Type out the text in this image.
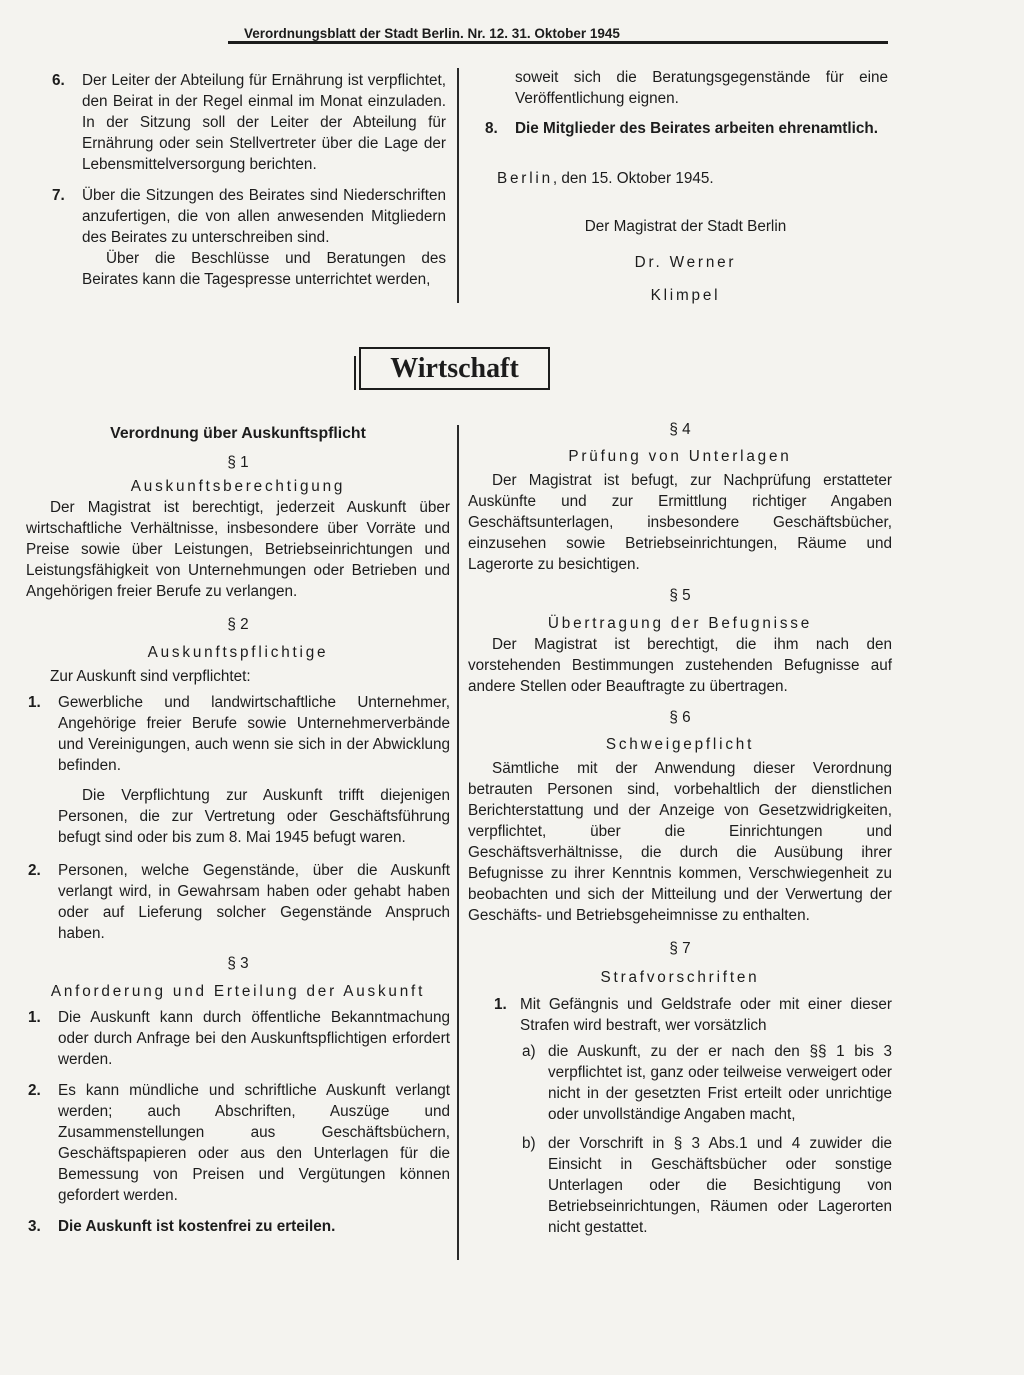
Verordnungsblatt der Stadt Berlin. Nr. 12. 31. Oktober 1945
6. Der Leiter der Abteilung für Ernährung ist verpflichtet, den Beirat in der Regel einmal im Monat einzuladen. In der Sitzung soll der Leiter der Abteilung für Ernährung oder sein Stellvertreter über die Lage der Lebensmittelversorgung berichten.
7. Über die Sitzungen des Beirates sind Niederschriften anzufertigen, die von allen anwesenden Mitgliedern des Beirates zu unterschreiben sind.

Über die Beschlüsse und Beratungen des Beirates kann die Tagespresse unterrichtet werden,

soweit sich die Beratungsgegenstände für eine Veröffentlichung eignen.

8. Die Mitglieder des Beirates arbeiten ehrenamtlich.

Berlin, den 15. Oktober 1945.

Der Magistrat der Stadt Berlin

Dr. Werner

Klimpel

Wirtschaft

Verordnung über Auskunftspflicht

§ 1

Auskunftsberechtigung

Der Magistrat ist berechtigt, jederzeit Auskunft über wirtschaftliche Verhältnisse, insbesondere über Vorräte und Preise sowie über Leistungen, Betriebseinrichtungen und Leistungsfähigkeit von Unternehmungen oder Betrieben und Angehörigen freier Berufe zu verlangen.

§ 2

Auskunftspflichtige

Zur Auskunft sind verpflichtet:

1. Gewerbliche und landwirtschaftliche Unternehmer, Angehörige freier Berufe sowie Unternehmerverbände und Vereinigungen, auch wenn sie sich in der Abwicklung befinden.

Die Verpflichtung zur Auskunft trifft diejenigen Personen, die zur Vertretung oder Geschäftsführung befugt sind oder bis zum 8. Mai 1945 befugt waren.

2. Personen, welche Gegenstände, über die Auskunft verlangt wird, in Gewahrsam haben oder gehabt haben oder auf Lieferung solcher Gegenstände Anspruch haben.

§ 3

Anforderung und Erteilung der Auskunft

1. Die Auskunft kann durch öffentliche Bekanntmachung oder durch Anfrage bei den Auskunftspflichtigen erfordert werden.
2. Es kann mündliche und schriftliche Auskunft verlangt werden; auch Abschriften, Auszüge und Zusammenstellungen aus Geschäftsbüchern, Geschäftspapieren oder aus den Unterlagen für die Bemessung von Preisen und Vergütungen können gefordert werden.
3. Die Auskunft ist kostenfrei zu erteilen.

§ 4

Prüfung von Unterlagen

Der Magistrat ist befugt, zur Nachprüfung erstatteter Auskünfte und zur Ermittlung richtiger Angaben Geschäftsunterlagen, insbesondere Geschäftsbücher, einzusehen sowie Betriebseinrichtungen, Räume und Lagerorte zu besichtigen.

§ 5

Übertragung der Befugnisse

Der Magistrat ist berechtigt, die ihm nach den vorstehenden Bestimmungen zustehenden Befugnisse auf andere Stellen oder Beauftragte zu übertragen.

§ 6

Schweigepflicht

Sämtliche mit der Anwendung dieser Verordnung betrauten Personen sind, vorbehaltlich der dienstlichen Berichterstattung und der Anzeige von Gesetzwidrigkeiten, verpflichtet, über die Einrichtungen und Geschäftsverhältnisse, die durch die Ausübung ihrer Befugnisse zu ihrer Kenntnis kommen, Verschwiegenheit zu beobachten und sich der Mitteilung und der Verwertung der Geschäfts- und Betriebsgeheimnisse zu enthalten.

§ 7

Strafvorschriften

1. Mit Gefängnis und Geldstrafe oder mit einer dieser Strafen wird bestraft, wer vorsätzlich
a) die Auskunft, zu der er nach den §§ 1 bis 3 verpflichtet ist, ganz oder teilweise verweigert oder nicht in der gesetzten Frist erteilt oder unrichtige oder unvollständige Angaben macht,
b) der Vorschrift in § 3 Abs.1 und 4 zuwider die Einsicht in Geschäftsbücher oder sonstige Unterlagen oder die Besichtigung von Betriebseinrichtungen, Räumen oder Lagerorten nicht gestattet.
